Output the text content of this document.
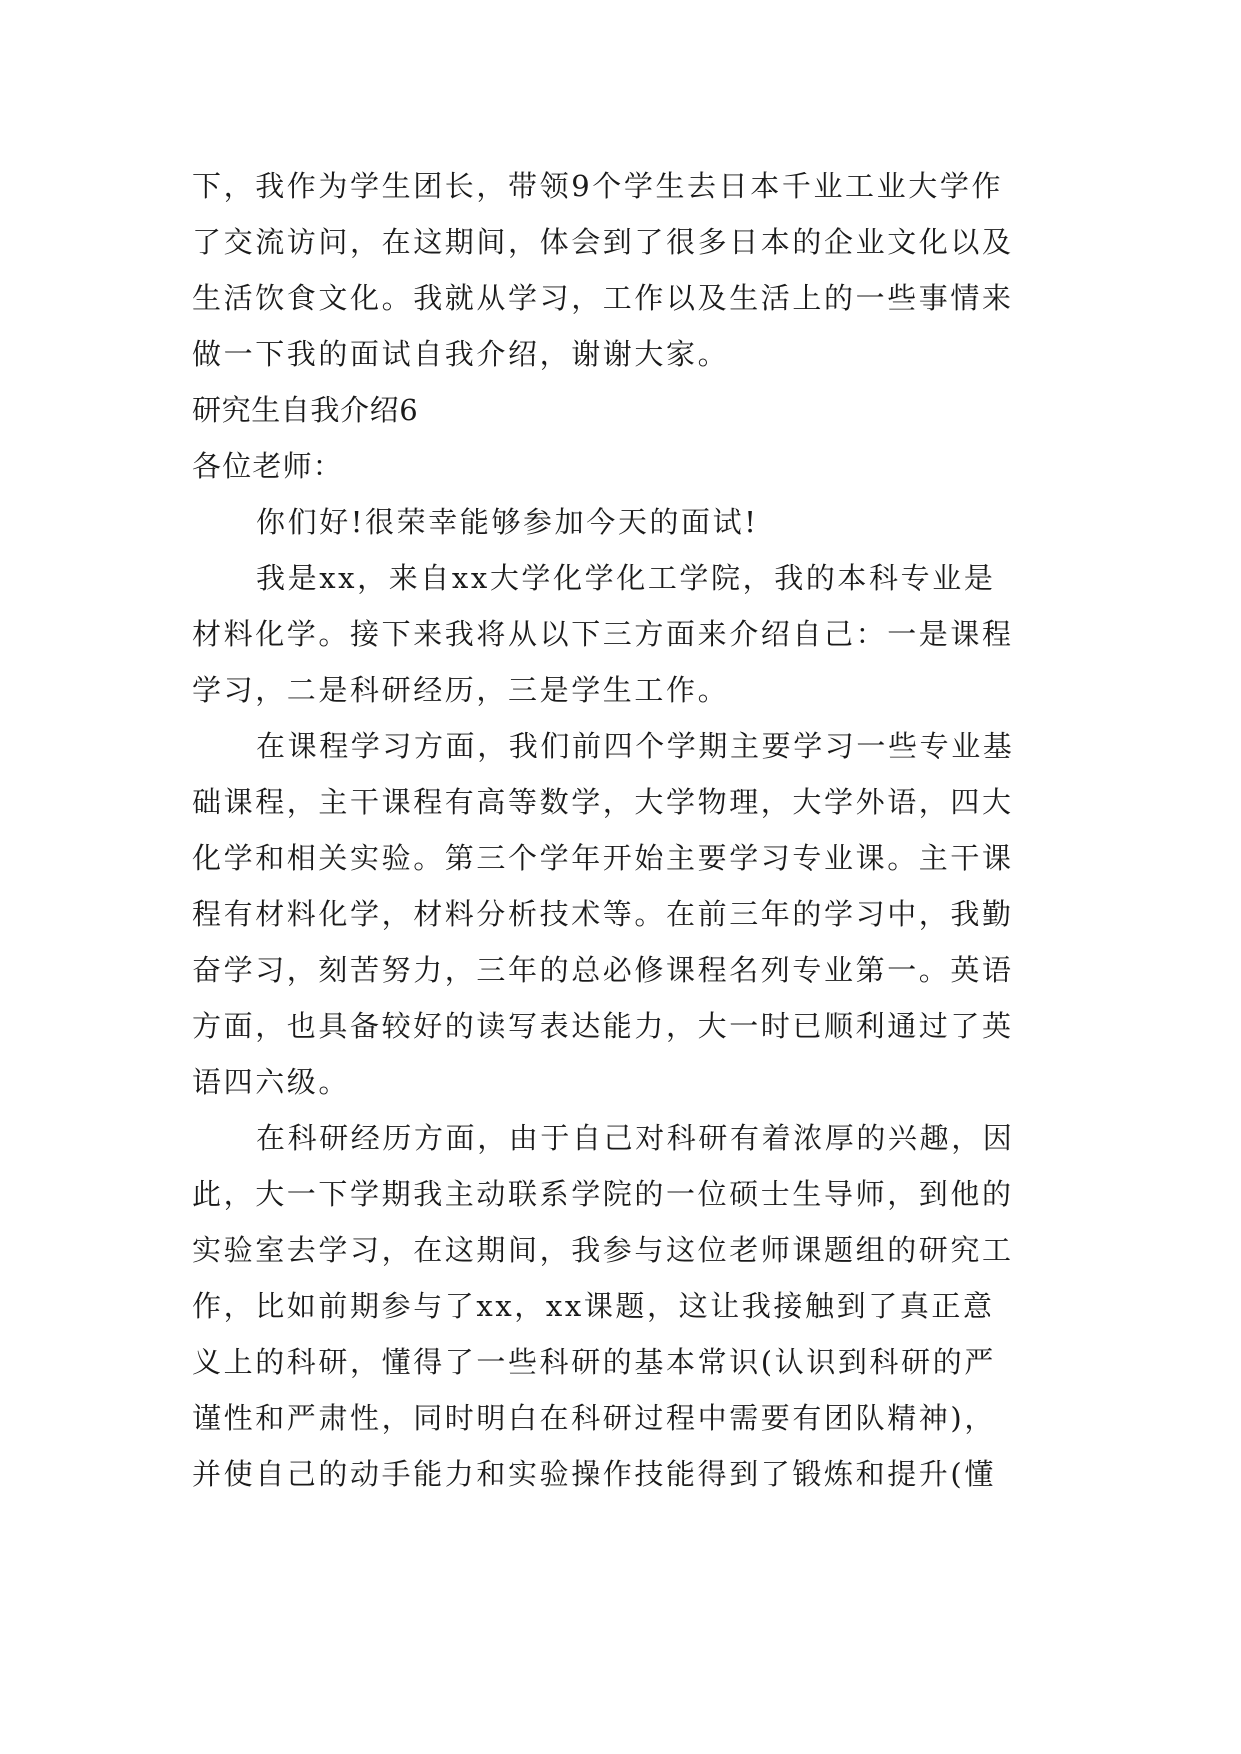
下，我作为学生团长，带领9个学生去日本千业工业大学作
了交流访问，在这期间，体会到了很多日本的企业文化以及
生活饮食文化。我就从学习，工作以及生活上的一些事情来
做一下我的面试自我介绍，谢谢大家。
研究生自我介绍6
各位老师：
你们好!很荣幸能够参加今天的面试!
我是xx，来自xx大学化学化工学院，我的本科专业是
材料化学。接下来我将从以下三方面来介绍自己：一是课程
学习，二是科研经历，三是学生工作。
在课程学习方面，我们前四个学期主要学习一些专业基
础课程，主干课程有高等数学，大学物理，大学外语，四大
化学和相关实验。第三个学年开始主要学习专业课。主干课
程有材料化学，材料分析技术等。在前三年的学习中，我勤
奋学习，刻苦努力，三年的总必修课程名列专业第一。英语
方面，也具备较好的读写表达能力，大一时已顺利通过了英
语四六级。
在科研经历方面，由于自己对科研有着浓厚的兴趣，因
此，大一下学期我主动联系学院的一位硕士生导师，到他的
实验室去学习，在这期间，我参与这位老师课题组的研究工
作，比如前期参与了xx，xx课题，这让我接触到了真正意
义上的科研，懂得了一些科研的基本常识(认识到科研的严
谨性和严肃性，同时明白在科研过程中需要有团队精神)，
并使自己的动手能力和实验操作技能得到了锻炼和提升(懂
